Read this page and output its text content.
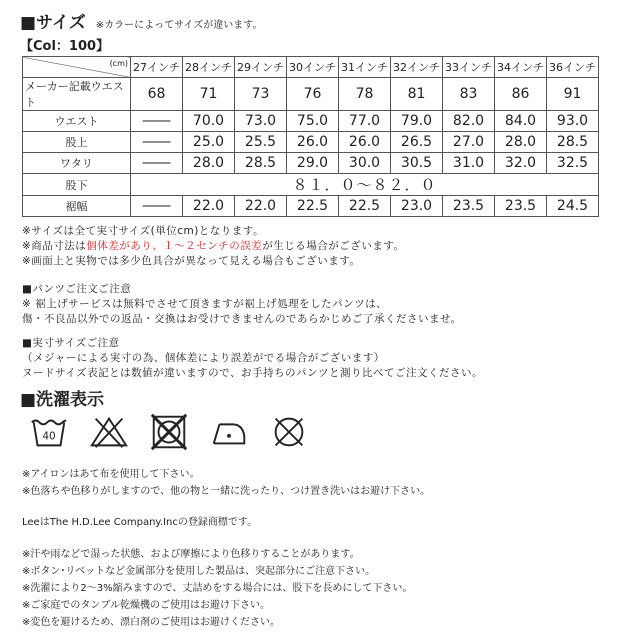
■サイズ ※カラーによってサイズが違います。
【Col：100】
(cm)	27インチ	28インチ	29インチ	30インチ	31インチ	32インチ	33インチ	34インチ	36インチ
メーカー記載ウエスト	68	71	73	76	78	81	83	86	91
ウエスト	――	70.0	73.0	75.0	77.0	79.0	82.0	84.0	93.0
股上	――	25.0	25.5	26.0	26.0	26.5	27.0	28.0	28.5
ワタリ	――	28.0	28.5	29.0	30.0	30.5	31.0	32.0	32.5
股下	８１．０～８２．０								
裾幅	――	22.0	22.0	22.5	22.5	23.0	23.5	23.5	24.5
※サイズは全て実寸サイズ(単位cm)となります。
※商品寸法は個体差があり、１～２センチの誤差が生じる場合がございます。
※画面上と実物では多少色具合が異なって見える場合もございます。
■パンツご注文ご注意
※ 裾上げサービスは無料でさせて頂きますが裾上げ処理をしたパンツは、
傷・不良品以外での返品・交換はお受けできませんのであらかじめご了承くださいませ。
■実寸サイズご注意
（メジャーによる実寸の為、個体差により誤差がでる場合がございます）
ヌードサイズ表記とは数値が違いますので、お手持ちのパンツと測り比べてご注文ください。
■洗濯表示
40
※アイロンはあて布を使用して下さい。
※色落ちや色移りがしますので、他の物と一緒に洗ったり、つけ置き洗いはお避け下さい。
LeeはThe H.D.Lee Company.Incの登録商標です。
※汗や雨などで湿った状態、および摩擦により色移りすることがあります。
※ボタン･リベットなど金属部分を使用した製品は、突起部分にご注意下さい。
※洗濯により2～3%縮みますので、丈詰めをする場合には、股下を長めにして下さい。
※ご家庭でのタンブル乾燥機のご使用はお避け下さい。
※変色を避けるため、漂白剤のご使用はお避けください。
